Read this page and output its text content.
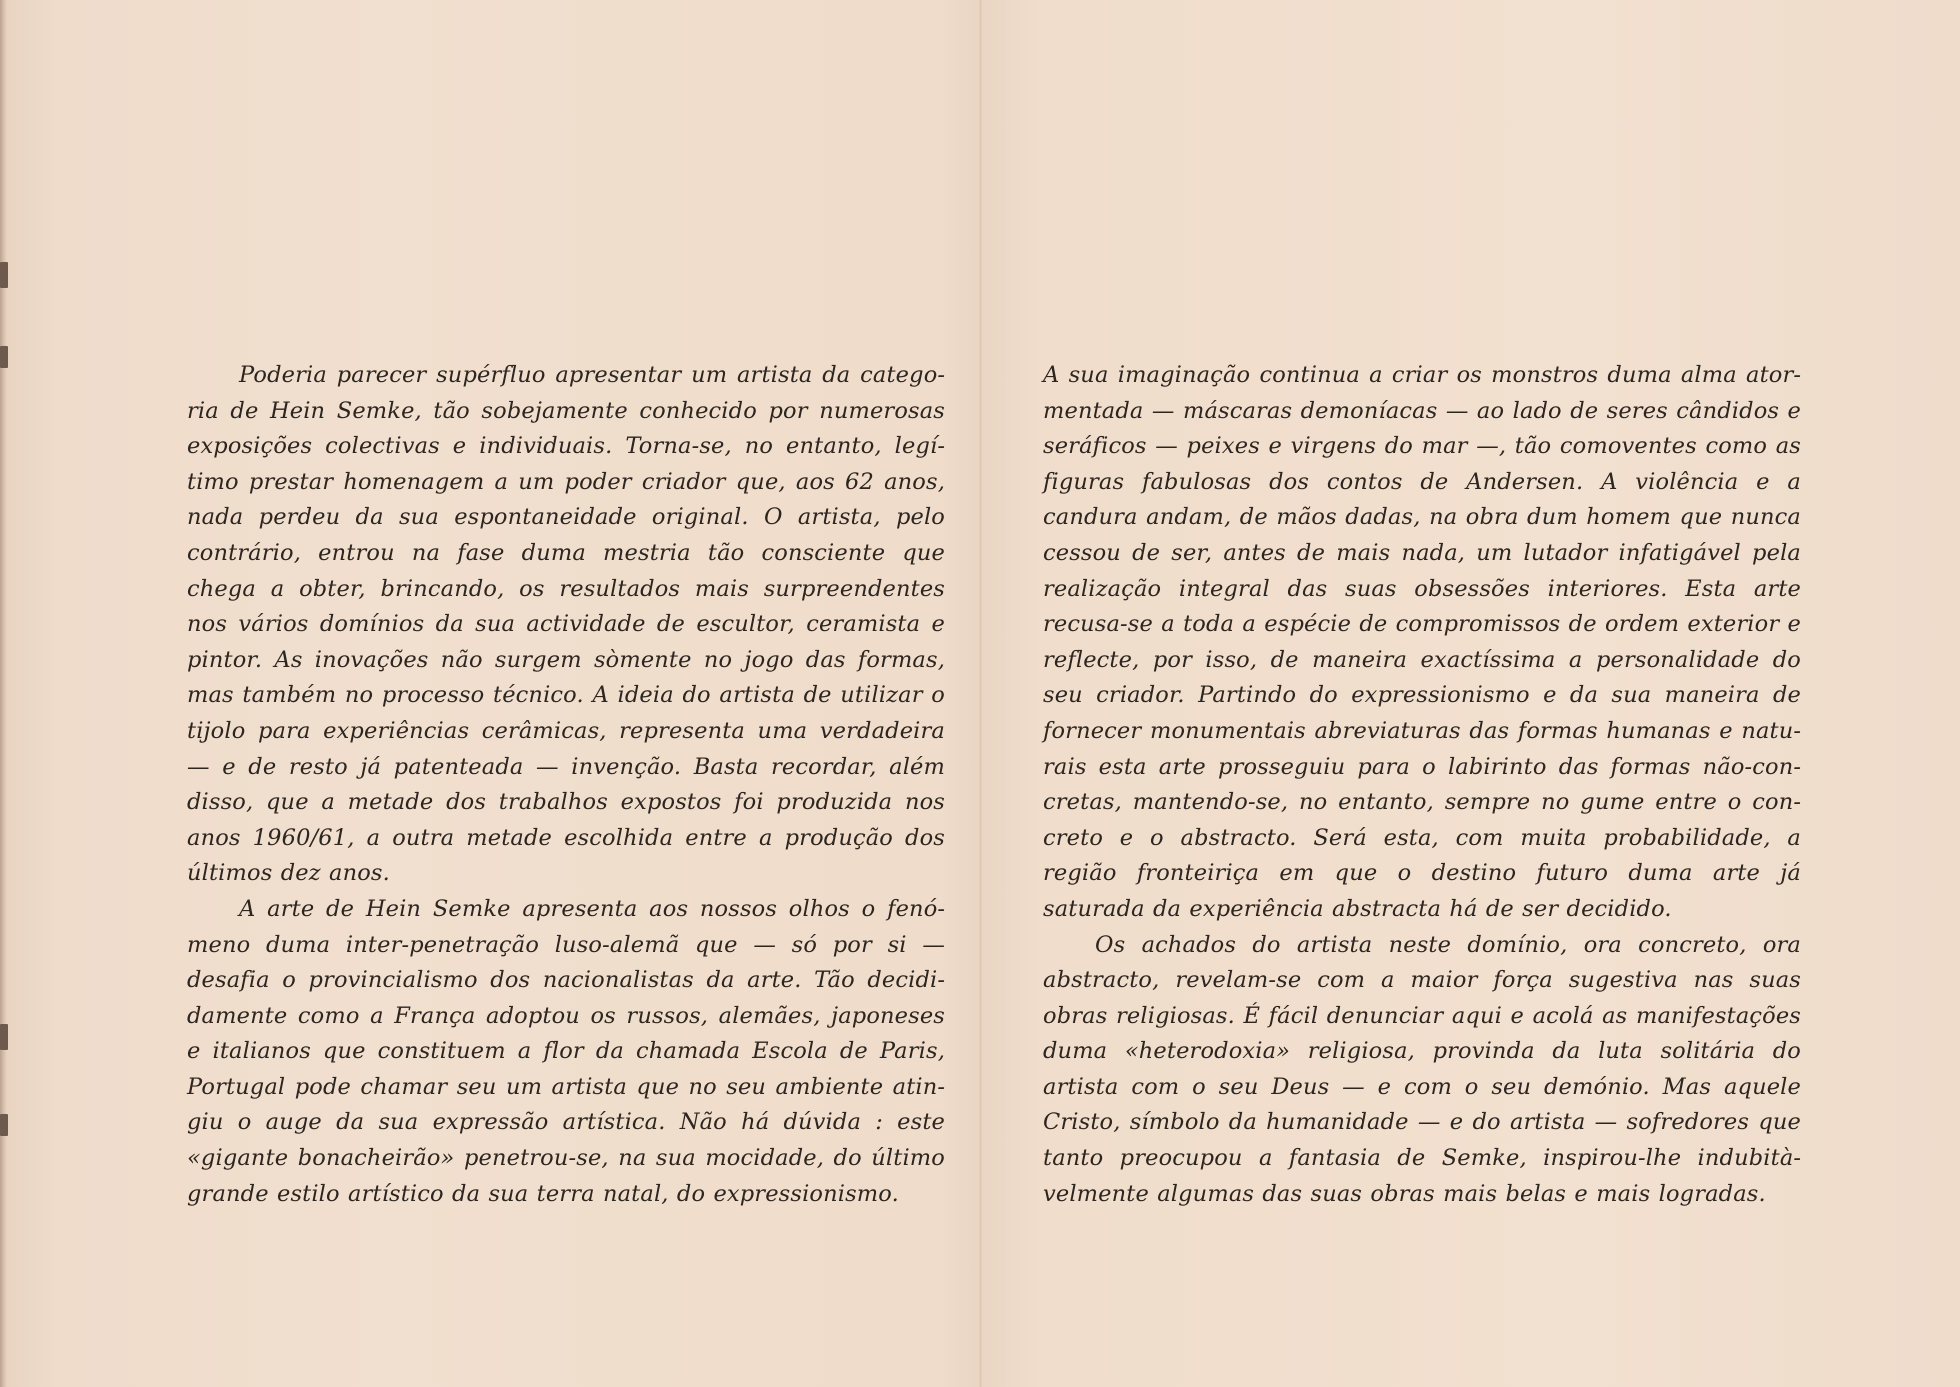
Poderia parecer supérfluo apresentar um artista da categoria de Hein Semke, tão sobejamente conhecido por numerosas exposições colectivas e individuais. Torna-se, no entanto, legítimo prestar homenagem a um poder criador que, aos 62 anos, nada perdeu da sua espontaneidade original. O artista, pelo contrário, entrou na fase duma mestria tão consciente que chega a obter, brincando, os resultados mais surpreendentes nos vários domínios da sua actividade de escultor, ceramista e pintor. As inovações não surgem sòmente no jogo das formas, mas também no processo técnico. A ideia do artista de utilizar o tijolo para experiências cerâmicas, representa uma verdadeira — e de resto já patenteada — invenção. Basta recordar, além disso, que a metade dos trabalhos expostos foi produzida nos anos 1960/61, a outra metade escolhida entre a produção dos últimos dez anos.

A arte de Hein Semke apresenta aos nossos olhos o fenómeno duma inter-penetração luso-alemã que — só por si — desafia o provincialismo dos nacionalistas da arte. Tão decididamente como a França adoptou os russos, alemães, japoneses e italianos que constituem a flor da chamada Escola de Paris, Portugal pode chamar seu um artista que no seu ambiente atingiu o auge da sua expressão artística. Não há dúvida : este «gigante bonacheirão» penetrou-se, na sua mocidade, do último grande estilo artístico da sua terra natal, do expressionismo.

A sua imaginação continua a criar os monstros duma alma atormentada — máscaras demoníacas — ao lado de seres cândidos e seráficos — peixes e virgens do mar —, tão comoventes como as figuras fabulosas dos contos de Andersen. A violência e a candura andam, de mãos dadas, na obra dum homem que nunca cessou de ser, antes de mais nada, um lutador infatigável pela realização integral das suas obsessões interiores. Esta arte recusa-se a toda a espécie de compromissos de ordem exterior e reflecte, por isso, de maneira exactíssima a personalidade do seu criador. Partindo do expressionismo e da sua maneira de fornecer monumentais abreviaturas das formas humanas e naturais esta arte prosseguiu para o labirinto das formas não-concretas, mantendo-se, no entanto, sempre no gume entre o concreto e o abstracto. Será esta, com muita probabilidade, a região fronteiriça em que o destino futuro duma arte já saturada da experiência abstracta há de ser decidido.

Os achados do artista neste domínio, ora concreto, ora abstracto, revelam-se com a maior força sugestiva nas suas obras religiosas. É fácil denunciar aqui e acolá as manifestações duma «heterodoxia» religiosa, provinda da luta solitária do artista com o seu Deus — e com o seu demónio. Mas aquele Cristo, símbolo da humanidade — e do artista — sofredores que tanto preocupou a fantasia de Semke, inspirou-lhe indubitàvelmente algumas das suas obras mais belas e mais logradas.
